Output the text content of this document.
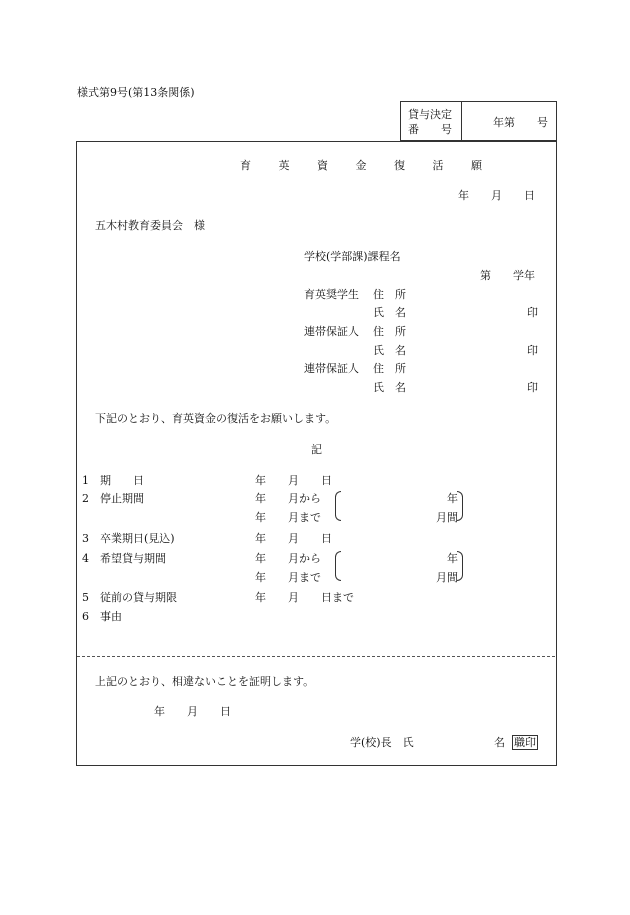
様式第9号(第13条関係)
貸与決定
番　　号
年第　　号
育 英 資 金 復 活 願
年　　月　　日
五木村教育委員会　様
学校(学部課)課程名
第　　学年
育英奨学生 住　所
氏　名	印
連帯保証人 住　所
氏　名	印
連帯保証人 住　所
氏　名	印
下記のとおり、育英資金の復活をお願いします。
記
1 期　　日	年　　月　　日
2 停止期間	年　　月から
年　　月まで
年
月間
3 卒業期日(見込)	年　　月　　日
4 希望貸与期間	年　　月から
年　　月まで
年
月間
5 従前の貸与期限	年　　月　　日まで
6 事由
上記のとおり、相違ないことを証明します。
年　　月　　日
学(校)長　氏	名 職印
